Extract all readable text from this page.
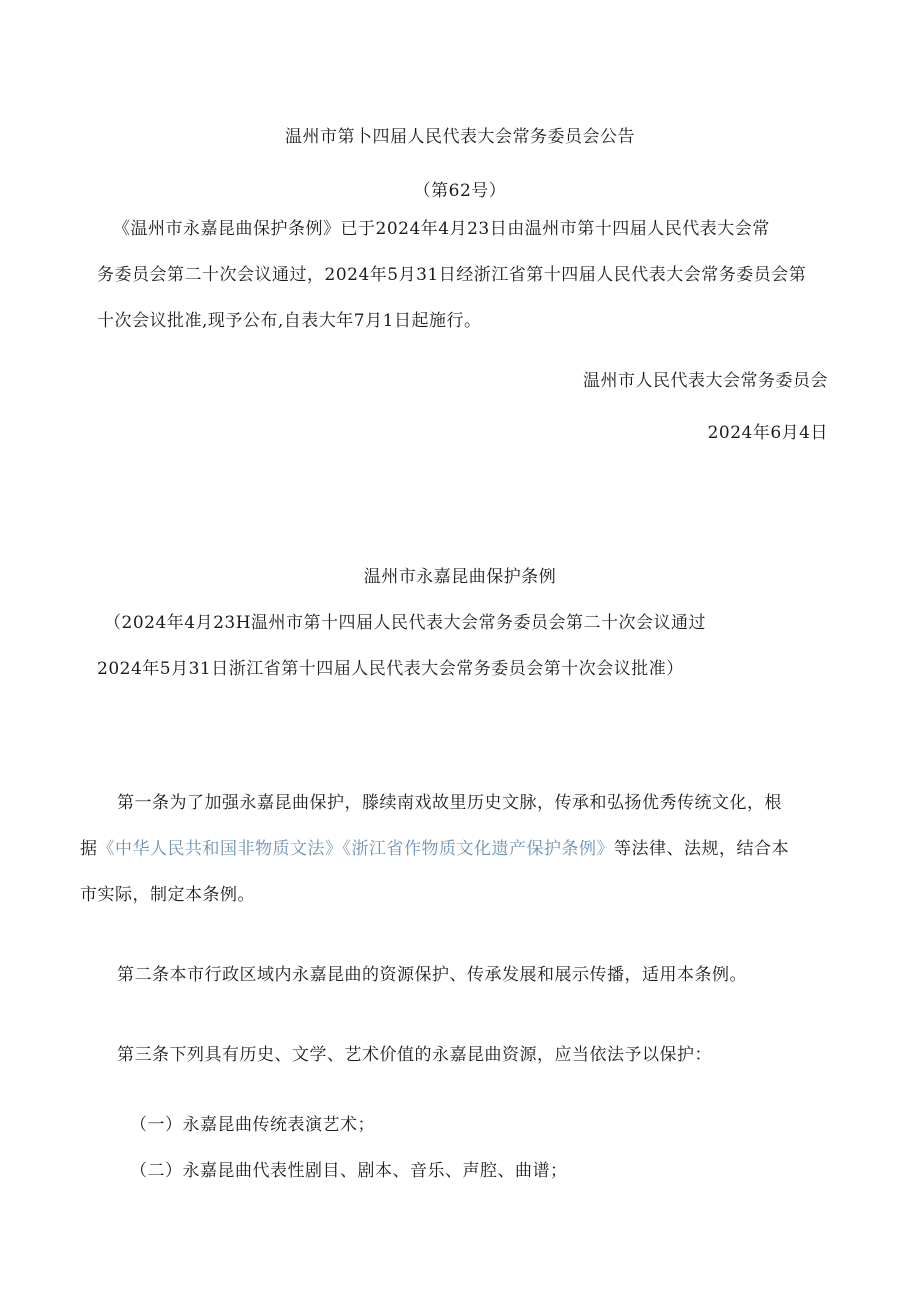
温州市第卜四届人民代表大会常务委员会公告
（第62号）
《温州市永嘉昆曲保护条例》已于2024年4月23日由温州市第十四届人民代表大会常
务委员会第二十次会议通过，2024年5月31日经浙江省第十四届人民代表大会常务委员会第
十次会议批准,现予公布,自表大年7月1日起施行。
温州市人民代表大会常务委员会
2024年6月4日
温州市永嘉昆曲保护条例
（2024年4月23H温州市第十四届人民代表大会常务委员会第二十次会议通过
2024年5月31日浙江省第十四届人民代表大会常务委员会第十次会议批准）
第一条为了加强永嘉昆曲保护，滕续南戏故里历史文脉，传承和弘扬优秀传统文化，根
据《中华人民共和国非物质文法》《浙江省作物质文化遗产保护条例》等法律、法规，结合本
市实际，制定本条例。
第二条本市行政区域内永嘉昆曲的资源保护、传承发展和展示传播，适用本条例。
第三条下列具有历史、文学、艺术价值的永嘉昆曲资源，应当依法予以保护：
（一）永嘉昆曲传统表演艺术；
（二）永嘉昆曲代表性剧目、剧本、音乐、声腔、曲谱；
